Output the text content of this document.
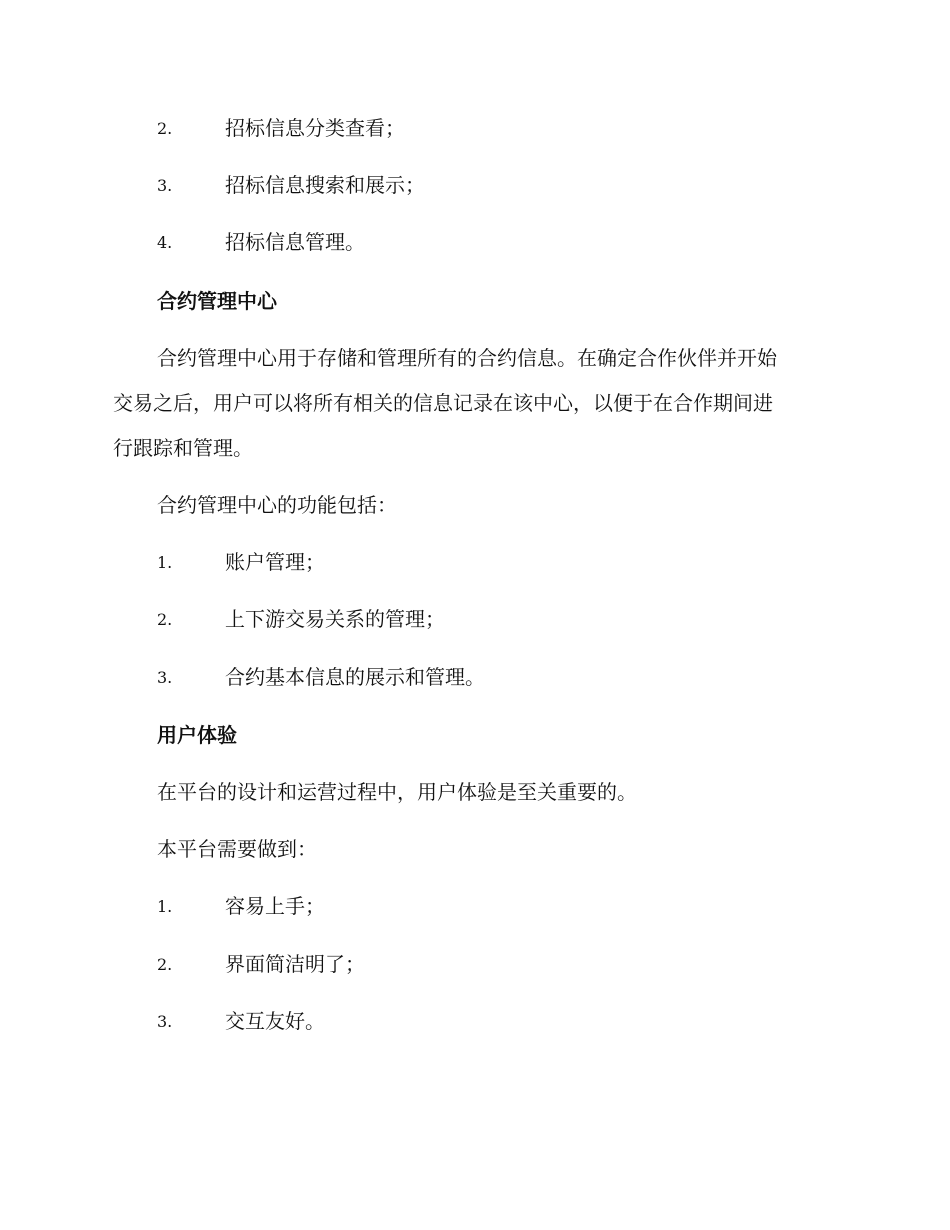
2.	招标信息分类查看；
3.	招标信息搜索和展示；
4.	招标信息管理。
合约管理中心
合约管理中心用于存储和管理所有的合约信息。在确定合作伙伴并开始
交易之后，用户可以将所有相关的信息记录在该中心，以便于在合作期间进
行跟踪和管理。
合约管理中心的功能包括：
1.	账户管理；
2.	上下游交易关系的管理；
3.	合约基本信息的展示和管理。
用户体验
在平台的设计和运营过程中，用户体验是至关重要的。
本平台需要做到：
1.	容易上手；
2.	界面简洁明了；
3.	交互友好。
